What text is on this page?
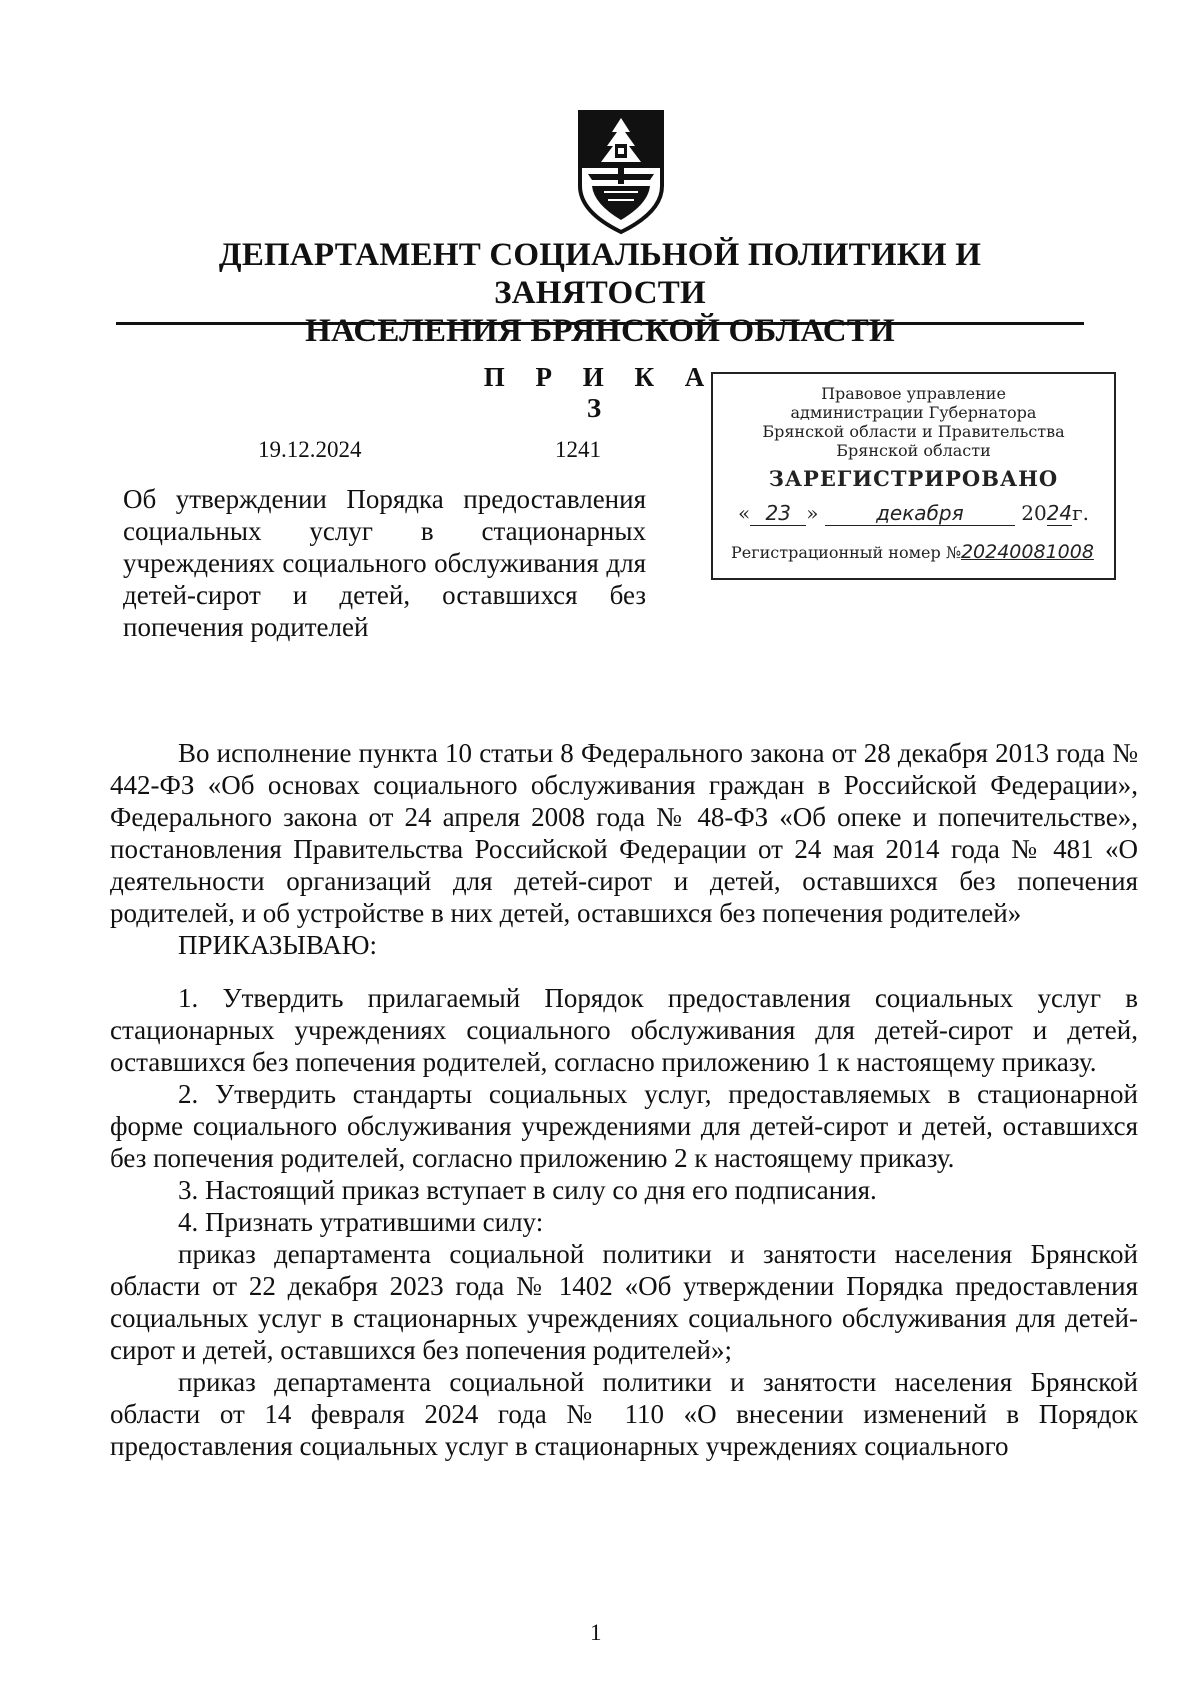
ДЕПАРТАМЕНТ СОЦИАЛЬНОЙ ПОЛИТИКИ И ЗАНЯТОСТИ
НАСЕЛЕНИЯ БРЯНСКОЙ ОБЛАСТИ
П Р И К А З
19.12.2024	1241
Об утверждении Порядка предоставления социальных услуг в стационарных учреждениях социального обслуживания для детей-сирот и детей, оставшихся без попечения родителей
Правовое управление
администрации Губернатора
Брянской области и Правительства
Брянской области
ЗАРЕГИСТРИРОВАНО
« 23 »	декабря	2024г.
Регистрационный номер №20240081008

Во исполнение пункта 10 статьи 8 Федерального закона от 28 декабря 2013 года № 442-ФЗ «Об основах социального обслуживания граждан в Российской Федерации», Федерального закона от 24 апреля 2008 года № 48-ФЗ «Об опеке и попечительстве», постановления Правительства Российской Федерации от 24 мая 2014 года № 481 «О деятельности организаций для детей-сирот и детей, оставшихся без попечения родителей, и об устройстве в них детей, оставшихся без попечения родителей»

ПРИКАЗЫВАЮ:

1. Утвердить прилагаемый Порядок предоставления социальных услуг в стационарных учреждениях социального обслуживания для детей-сирот и детей, оставшихся без попечения родителей, согласно приложению 1 к настоящему приказу.

2. Утвердить стандарты социальных услуг, предоставляемых в стационарной форме социального обслуживания учреждениями для детей-сирот и детей, оставшихся без попечения родителей, согласно приложению 2 к настоящему приказу.

3. Настоящий приказ вступает в силу со дня его подписания.

4. Признать утратившими силу:

приказ департамента социальной политики и занятости населения Брянской области от 22 декабря 2023 года № 1402 «Об утверждении Порядка предоставления социальных услуг в стационарных учреждениях социального обслуживания для детей-сирот и детей, оставшихся без попечения родителей»;

приказ департамента социальной политики и занятости населения Брянской области от 14 февраля 2024 года № 110 «О внесении изменений в Порядок предоставления социальных услуг в стационарных учреждениях социального

1
